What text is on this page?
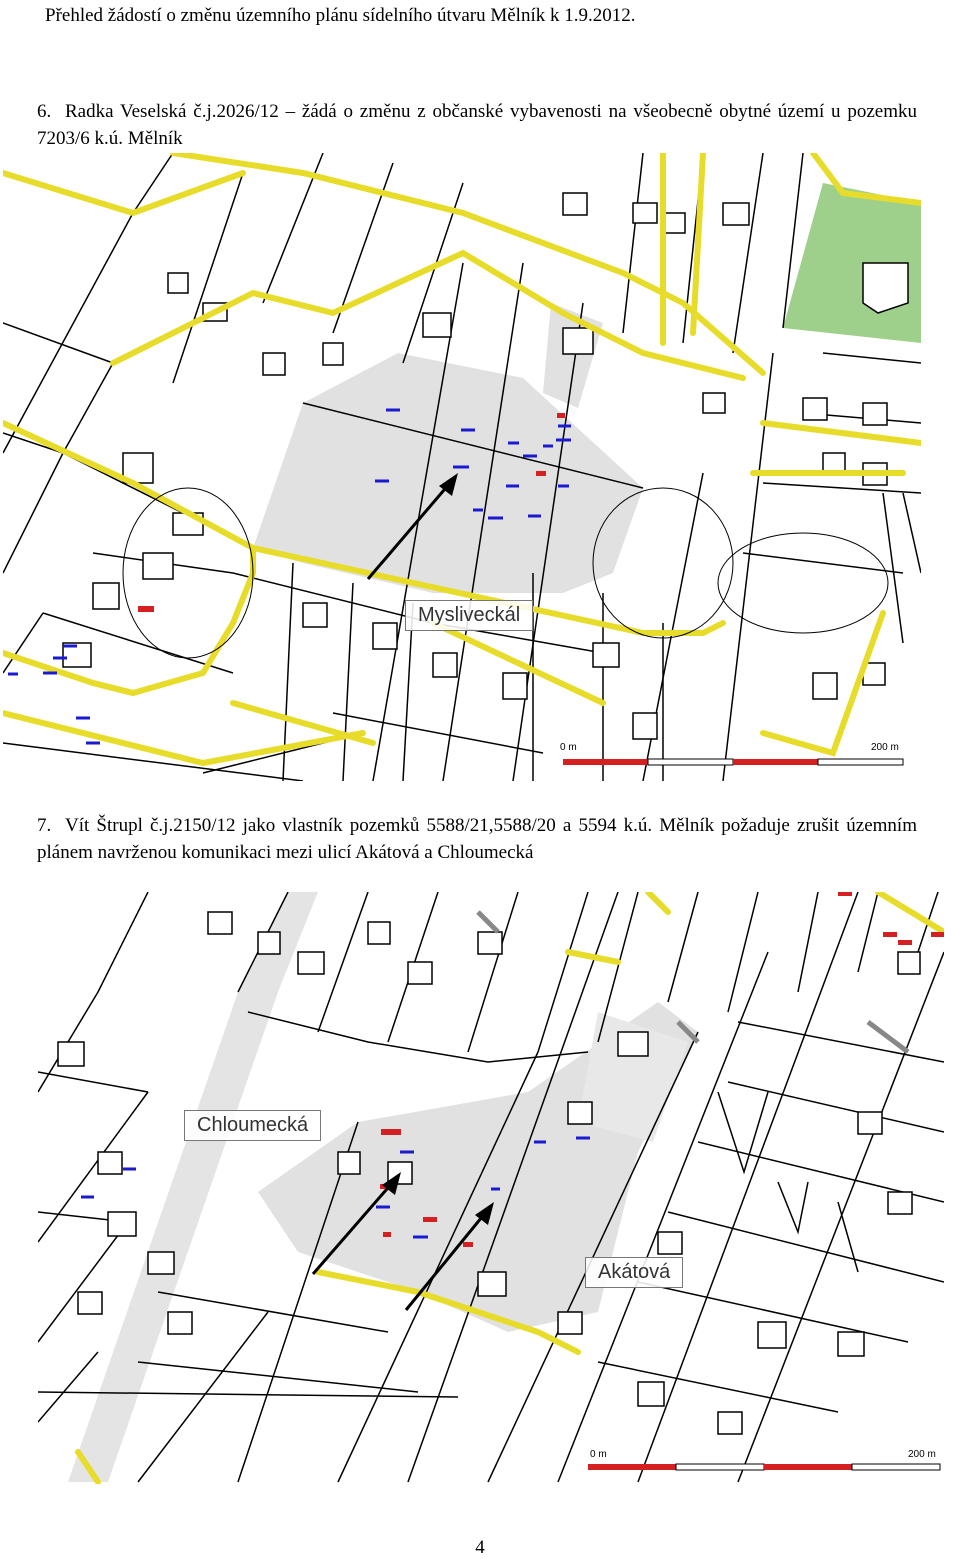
Přehled žádostí o změnu územního plánu sídelního útvaru Mělník k 1.9.2012.
6. Radka Veselská č.j.2026/12 – žádá o změnu z občanské vybavenosti na všeobecně obytné území u pozemku 7203/6 k.ú. Mělník
Mysliveckál
0 m	200 m
7. Vít Štrupl č.j.2150/12 jako vlastník pozemků 5588/21,5588/20 a 5594 k.ú. Mělník požaduje zrušit územním plánem navrženou komunikaci mezi ulicí Akátová a Chloumecká
Chloumecká
Akátová
0 m	200 m
4
